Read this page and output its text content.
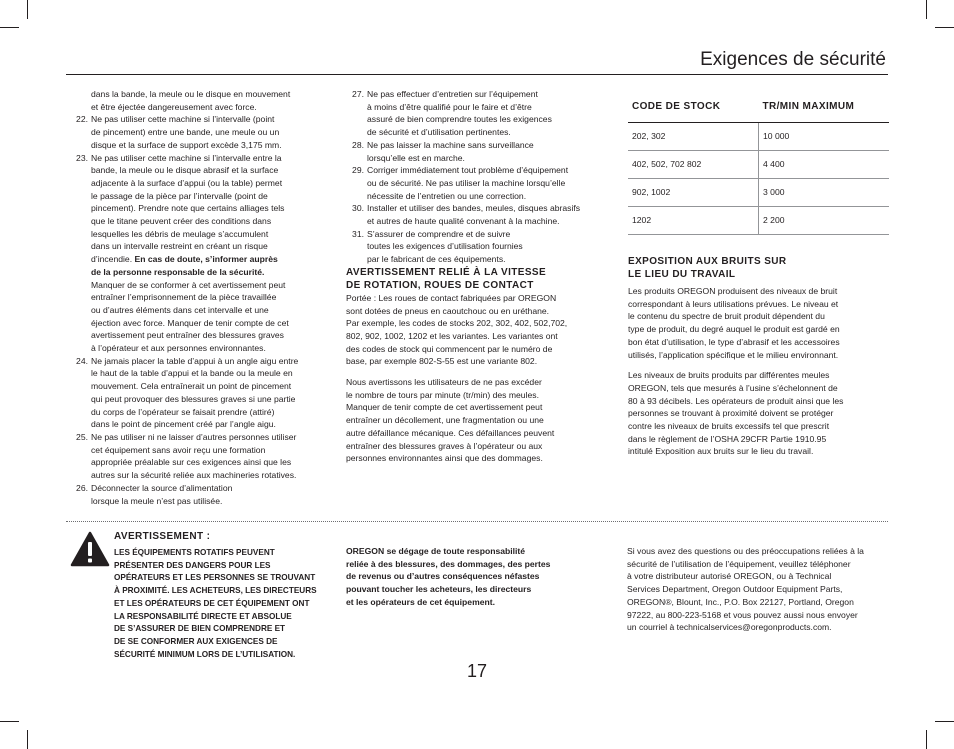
Exigences de sécurité
dans la bande, la meule ou le disque en mouvement
et être éjectée dangereusement avec force.
22. Ne pas utiliser cette machine si l’intervalle (point
de pincement) entre une bande, une meule ou un
disque et la surface de support excède 3,175 mm.
23. Ne pas utiliser cette machine si l’intervalle entre la
bande, la meule ou le disque abrasif et la surface
adjacente à la surface d’appui (ou la table) permet
le passage de la pièce par l’intervalle (point de
pincement). Prendre note que certains alliages tels
que le titane peuvent créer des conditions dans
lesquelles les débris de meulage s’accumulent
dans un intervalle restreint en créant un risque
d’incendie. En cas de doute, s’informer auprès
de la personne responsable de la sécurité.
Manquer de se conformer à cet avertissement peut
entraîner l’emprisonnement de la pièce travaillée
ou d’autres éléments dans cet intervalle et une
éjection avec force. Manquer de tenir compte de cet
avertissement peut entraîner des blessures graves
à l’opérateur et aux personnes environnantes.
24. Ne jamais placer la table d’appui à un angle aigu entre
le haut de la table d’appui et la bande ou la meule en
mouvement. Cela entraînerait un point de pincement
qui peut provoquer des blessures graves si une partie
du corps de l’opérateur se faisait prendre (attiré)
dans le point de pincement créé par l’angle aigu.
25. Ne pas utiliser ni ne laisser d’autres personnes utiliser
cet équipement sans avoir reçu une formation
appropriée préalable sur ces exigences ainsi que les
autres sur la sécurité reliée aux machineries rotatives.
26. Déconnecter la source d’alimentation
lorsque la meule n’est pas utilisée.
27. Ne pas effectuer d’entretien sur l’équipement
à moins d’être qualifié pour le faire et d’être
assuré de bien comprendre toutes les exigences
de sécurité et d’utilisation pertinentes.
28. Ne pas laisser la machine sans surveillance
lorsqu’elle est en marche.
29. Corriger immédiatement tout problème d’équipement
ou de sécurité. Ne pas utiliser la machine lorsqu’elle
nécessite de l’entretien ou une correction.
30. Installer et utiliser des bandes, meules, disques abrasifs
et autres de haute qualité convenant à la machine.
31. S’assurer de comprendre et de suivre
toutes les exigences d’utilisation fournies
par le fabricant de ces équipements.
AVERTISSEMENT RELIÉ À LA VITESSE
DE ROTATION, ROUES DE CONTACT

Portée : Les roues de contact fabriquées par OREGON
sont dotées de pneus en caoutchouc ou en uréthane.
Par exemple, les codes de stocks 202, 302, 402, 502,702,
802, 902, 1002, 1202 et les variantes. Les variantes ont
des codes de stock qui commencent par le numéro de
base, par exemple 802-S-55 est une variante 802.

Nous avertissons les utilisateurs de ne pas excéder
le nombre de tours par minute (tr/min) des meules.
Manquer de tenir compte de cet avertissement peut
entraîner un décollement, une fragmentation ou une
autre défaillance mécanique. Ces défaillances peuvent
entraîner des blessures graves à l’opérateur ou aux
personnes environnantes ainsi que des dommages.

CODE DE STOCK	TR/MIN MAXIMUM
202, 302	10 000
402, 502, 702 802	4 400
902, 1002	3 000
1202	2 200
EXPOSITION AUX BRUITS SUR
LE LIEU DU TRAVAIL

Les produits OREGON produisent des niveaux de bruit
correspondant à leurs utilisations prévues. Le niveau et
le contenu du spectre de bruit produit dépendent du
type de produit, du degré auquel le produit est gardé en
bon état d’utilisation, le type d’abrasif et les accessoires
utilisés, l’application spécifique et le milieu environnant.

Les niveaux de bruits produits par différentes meules
OREGON, tels que mesurés à l’usine s’échelonnent de
80 à 93 décibels. Les opérateurs de produit ainsi que les
personnes se trouvant à proximité doivent se protéger
contre les niveaux de bruits excessifs tel que prescrit
dans le règlement de l’OSHA 29CFR Partie 1910.95
intitulé Exposition aux bruits sur le lieu du travail.

AVERTISSEMENT :
LES ÉQUIPEMENTS ROTATIFS PEUVENT
PRÉSENTER DES DANGERS POUR LES
OPÉRATEURS ET LES PERSONNES SE TROUVANT
À PROXIMITÉ. LES ACHETEURS, LES DIRECTEURS
ET LES OPÉRATEURS DE CET ÉQUIPEMENT ONT
LA RESPONSABILITÉ DIRECTE ET ABSOLUE
DE S’ASSURER DE BIEN COMPRENDRE ET
DE SE CONFORMER AUX EXIGENCES DE
SÉCURITÉ MINIMUM LORS DE L’UTILISATION.
OREGON se dégage de toute responsabilité
reliée à des blessures, des dommages, des pertes
de revenus ou d’autres conséquences néfastes
pouvant toucher les acheteurs, les directeurs
et les opérateurs de cet équipement.
Si vous avez des questions ou des préoccupations reliées à la
sécurité de l’utilisation de l’équipement, veuillez téléphoner
à votre distributeur autorisé OREGON, ou à Technical
Services Department, Oregon Outdoor Equipment Parts,
OREGON®, Blount, Inc., P.O. Box 22127, Portland, Oregon
97222, au 800-223-5168 et vous pouvez aussi nous envoyer
un courriel à technicalservices@oregonproducts.com.
17
